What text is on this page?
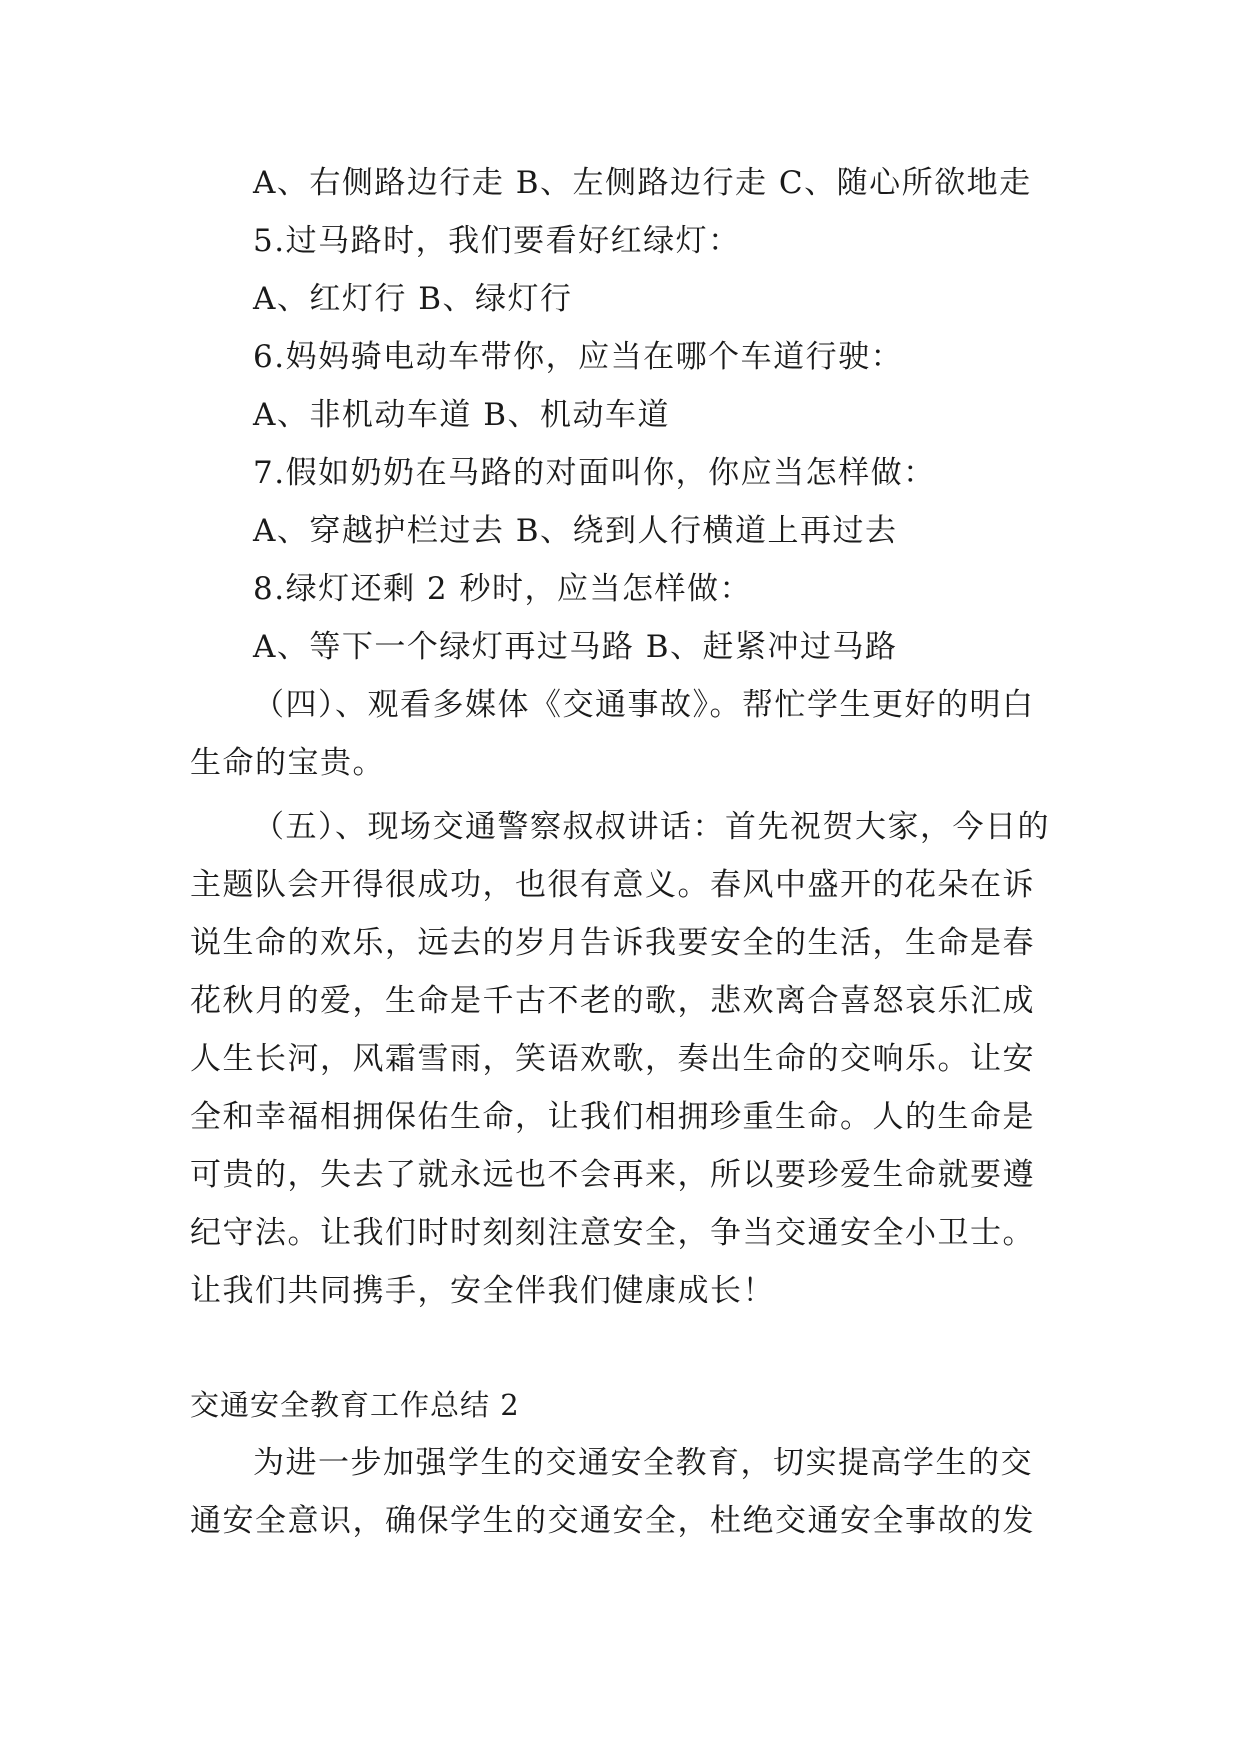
A、右侧路边行走 B、左侧路边行走 C、随心所欲地走
5.过马路时，我们要看好红绿灯：
A、红灯行 B、绿灯行
6.妈妈骑电动车带你，应当在哪个车道行驶：
A、非机动车道 B、机动车道
7.假如奶奶在马路的对面叫你，你应当怎样做：
A、穿越护栏过去 B、绕到人行横道上再过去
8.绿灯还剩 2 秒时，应当怎样做：
A、等下一个绿灯再过马路 B、赶紧冲过马路
（四）、观看多媒体《交通事故》。帮忙学生更好的明白
生命的宝贵。
（五）、现场交通警察叔叔讲话：首先祝贺大家，今日的
主题队会开得很成功，也很有意义。春风中盛开的花朵在诉
说生命的欢乐，远去的岁月告诉我要安全的生活，生命是春
花秋月的爱，生命是千古不老的歌，悲欢离合喜怒哀乐汇成
人生长河，风霜雪雨，笑语欢歌，奏出生命的交响乐。让安
全和幸福相拥保佑生命，让我们相拥珍重生命。人的生命是
可贵的，失去了就永远也不会再来，所以要珍爱生命就要遵
纪守法。让我们时时刻刻注意安全，争当交通安全小卫士。
让我们共同携手，安全伴我们健康成长！
交通安全教育工作总结 2
为进一步加强学生的交通安全教育，切实提高学生的交
通安全意识，确保学生的交通安全，杜绝交通安全事故的发
